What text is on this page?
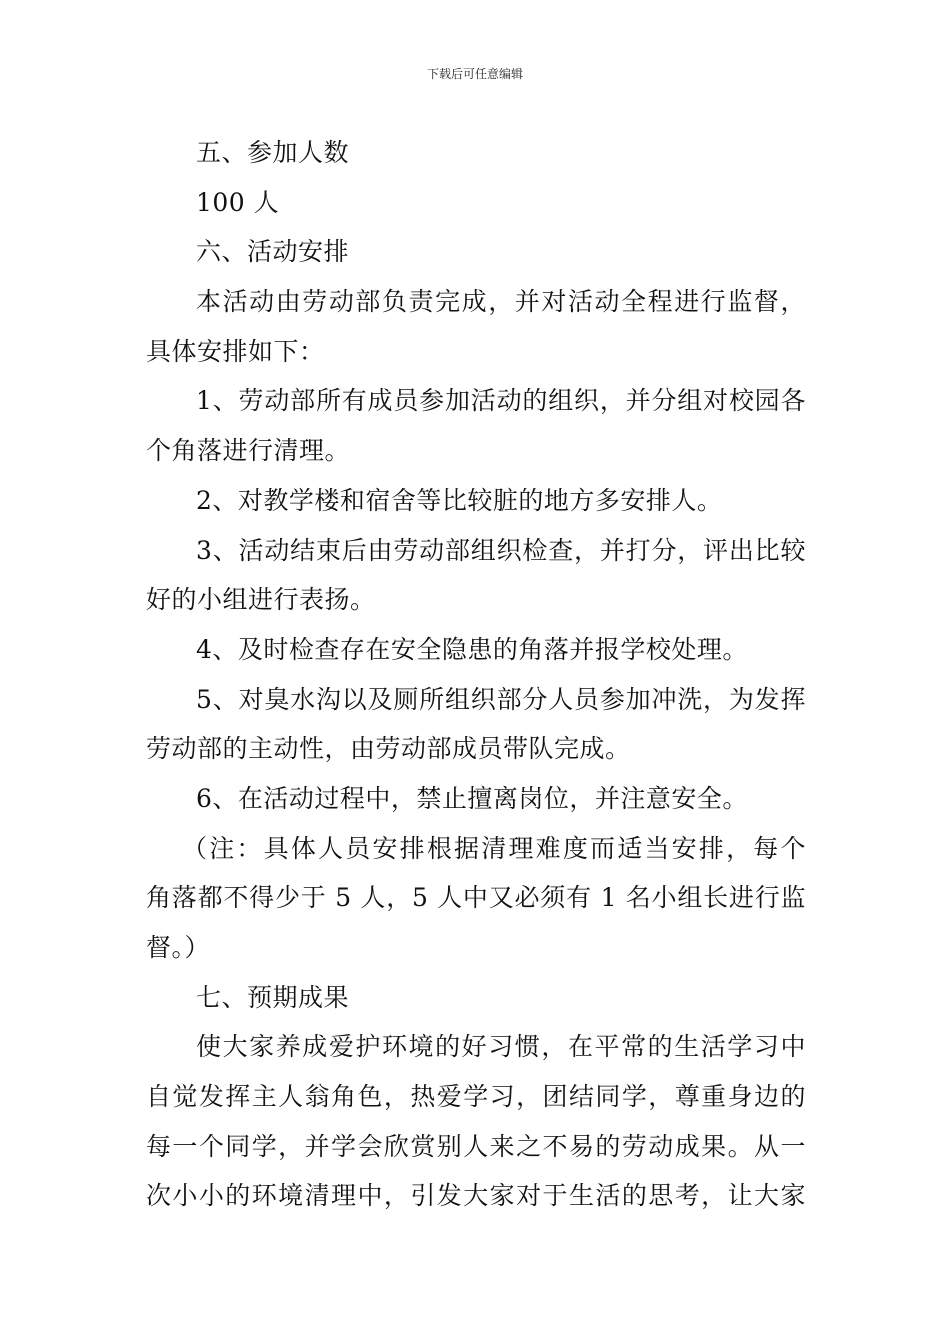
下载后可任意编辑
五、参加人数
100 人
六、活动安排
本活动由劳动部负责完成，并对活动全程进行监督，
具体安排如下：
1、劳动部所有成员参加活动的组织，并分组对校园各
个角落进行清理。
2、对教学楼和宿舍等比较脏的地方多安排人。
3、活动结束后由劳动部组织检查，并打分，评出比较
好的小组进行表扬。
4、及时检查存在安全隐患的角落并报学校处理。
5、对臭水沟以及厕所组织部分人员参加冲洗，为发挥
劳动部的主动性，由劳动部成员带队完成。
6、在活动过程中，禁止擅离岗位，并注意安全。
（注：具体人员安排根据清理难度而适当安排，每个
角落都不得少于 5 人，5 人中又必须有 1 名小组长进行监
督。）
七、预期成果
使大家养成爱护环境的好习惯，在平常的生活学习中
自觉发挥主人翁角色，热爱学习，团结同学，尊重身边的
每一个同学，并学会欣赏别人来之不易的劳动成果。从一
次小小的环境清理中，引发大家对于生活的思考，让大家
